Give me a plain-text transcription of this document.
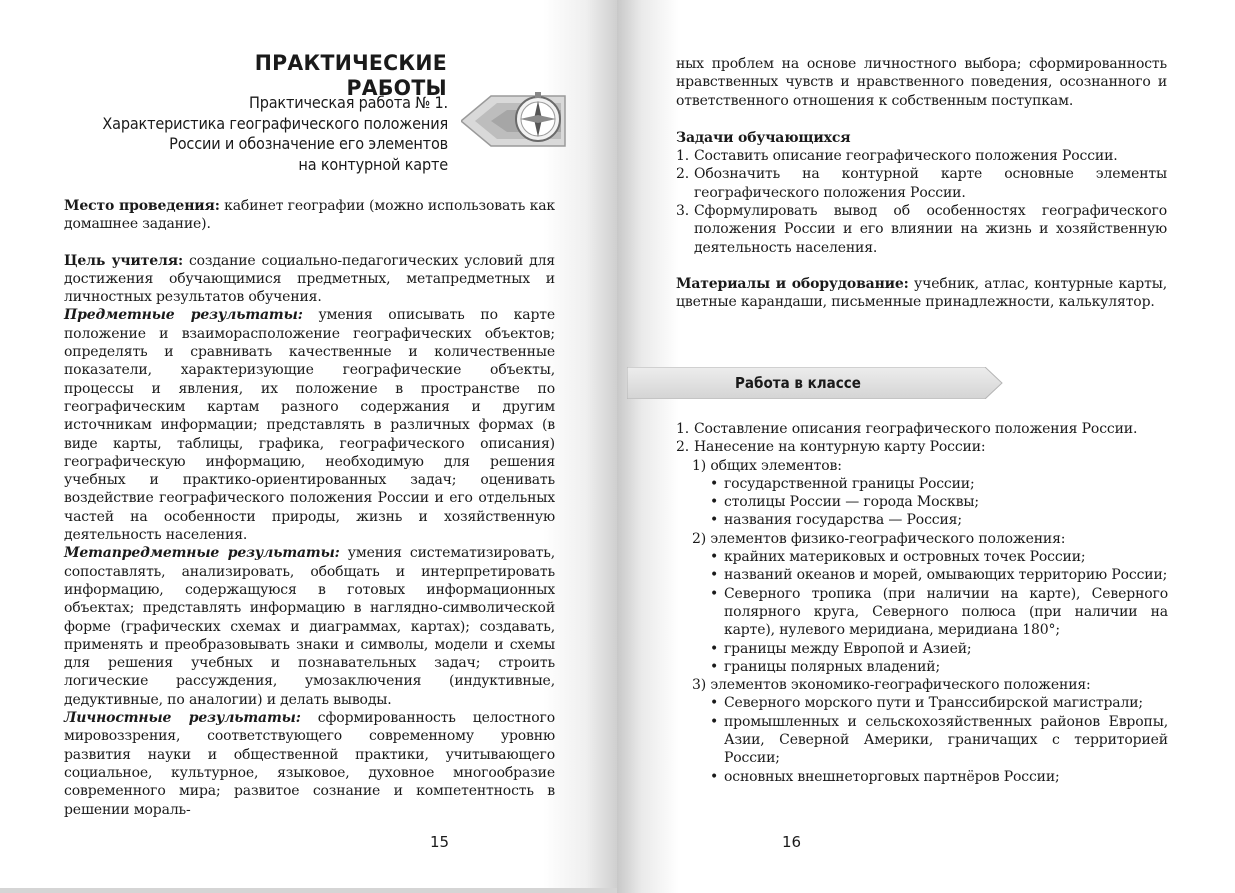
ПРАКТИЧЕСКИЕ РАБОТЫ
Практическая работа № 1.
Характеристика географического положения
России и обозначение его элементов
на контурной карте

Место проведения: кабинет географии (можно использовать как домашнее задание).

Цель учителя: создание социально-педагогических условий для достижения обучающимися предметных, метапредметных и личностных результатов обучения.

Предметные результаты: умения описывать по карте положение и взаиморасположение географических объектов; определять и сравнивать качественные и количественные показатели, характеризующие географические объекты, процессы и явления, их положение в пространстве по географическим картам разного содержания и другим источникам информации; представлять в различных формах (в виде карты, таблицы, графика, географического описания) географическую информацию, необходимую для решения учебных и практико-ориентированных задач; оценивать воздействие географического положения России и его отдельных частей на особенности природы, жизнь и хозяйственную деятельность населения.

Метапредметные результаты: умения систематизировать, сопоставлять, анализировать, обобщать и интерпретировать информацию, содержащуюся в готовых информационных объектах; представлять информацию в наглядно-символической форме (графических схемах и диаграммах, картах); создавать, применять и преобразовывать знаки и символы, модели и схемы для решения учебных и познавательных задач; строить логические рассуждения, умозаключения (индуктивные, дедуктивные, по аналогии) и делать выводы.

Личностные результаты: сформированность целостного мировоззрения, соответствующего современному уровню развития науки и общественной практики, учитывающего социальное, культурное, языковое, духовное многообразие современного мира; развитое сознание и компетентность в решении мораль-

15

ных проблем на основе личностного выбора; сформированность нравственных чувств и нравственного поведения, осознанного и ответственного отношения к собственным поступкам.

Задачи обучающихся

1. Составить описание географического положения России.
2. Обозначить на контурной карте основные элементы географического положения России.
3. Сформулировать вывод об особенностях географического положения России и его влиянии на жизнь и хозяйственную деятельность населения.

Материалы и оборудование: учебник, атлас, контурные карты, цветные карандаши, письменные принадлежности, калькулятор.

Работа в классе
1. Составление описания географического положения России.
2. Нанесение на контурную карту России:
1) общих элементов:
• государственной границы России;
• столицы России — города Москвы;
• названия государства — Россия;
2) элементов физико-географического положения:
• крайних материковых и островных точек России;
• названий океанов и морей, омывающих территорию России;
• Северного тропика (при наличии на карте), Северного полярного круга, Северного полюса (при наличии на карте), нулевого меридиана, меридиана 180°;
• границы между Европой и Азией;
• границы полярных владений;
3) элементов экономико-географического положения:
• Северного морского пути и Транссибирской магистрали;
• промышленных и сельскохозяйственных районов Европы, Азии, Северной Америки, граничащих с территорией России;
• основных внешнеторговых партнёров России;
16
